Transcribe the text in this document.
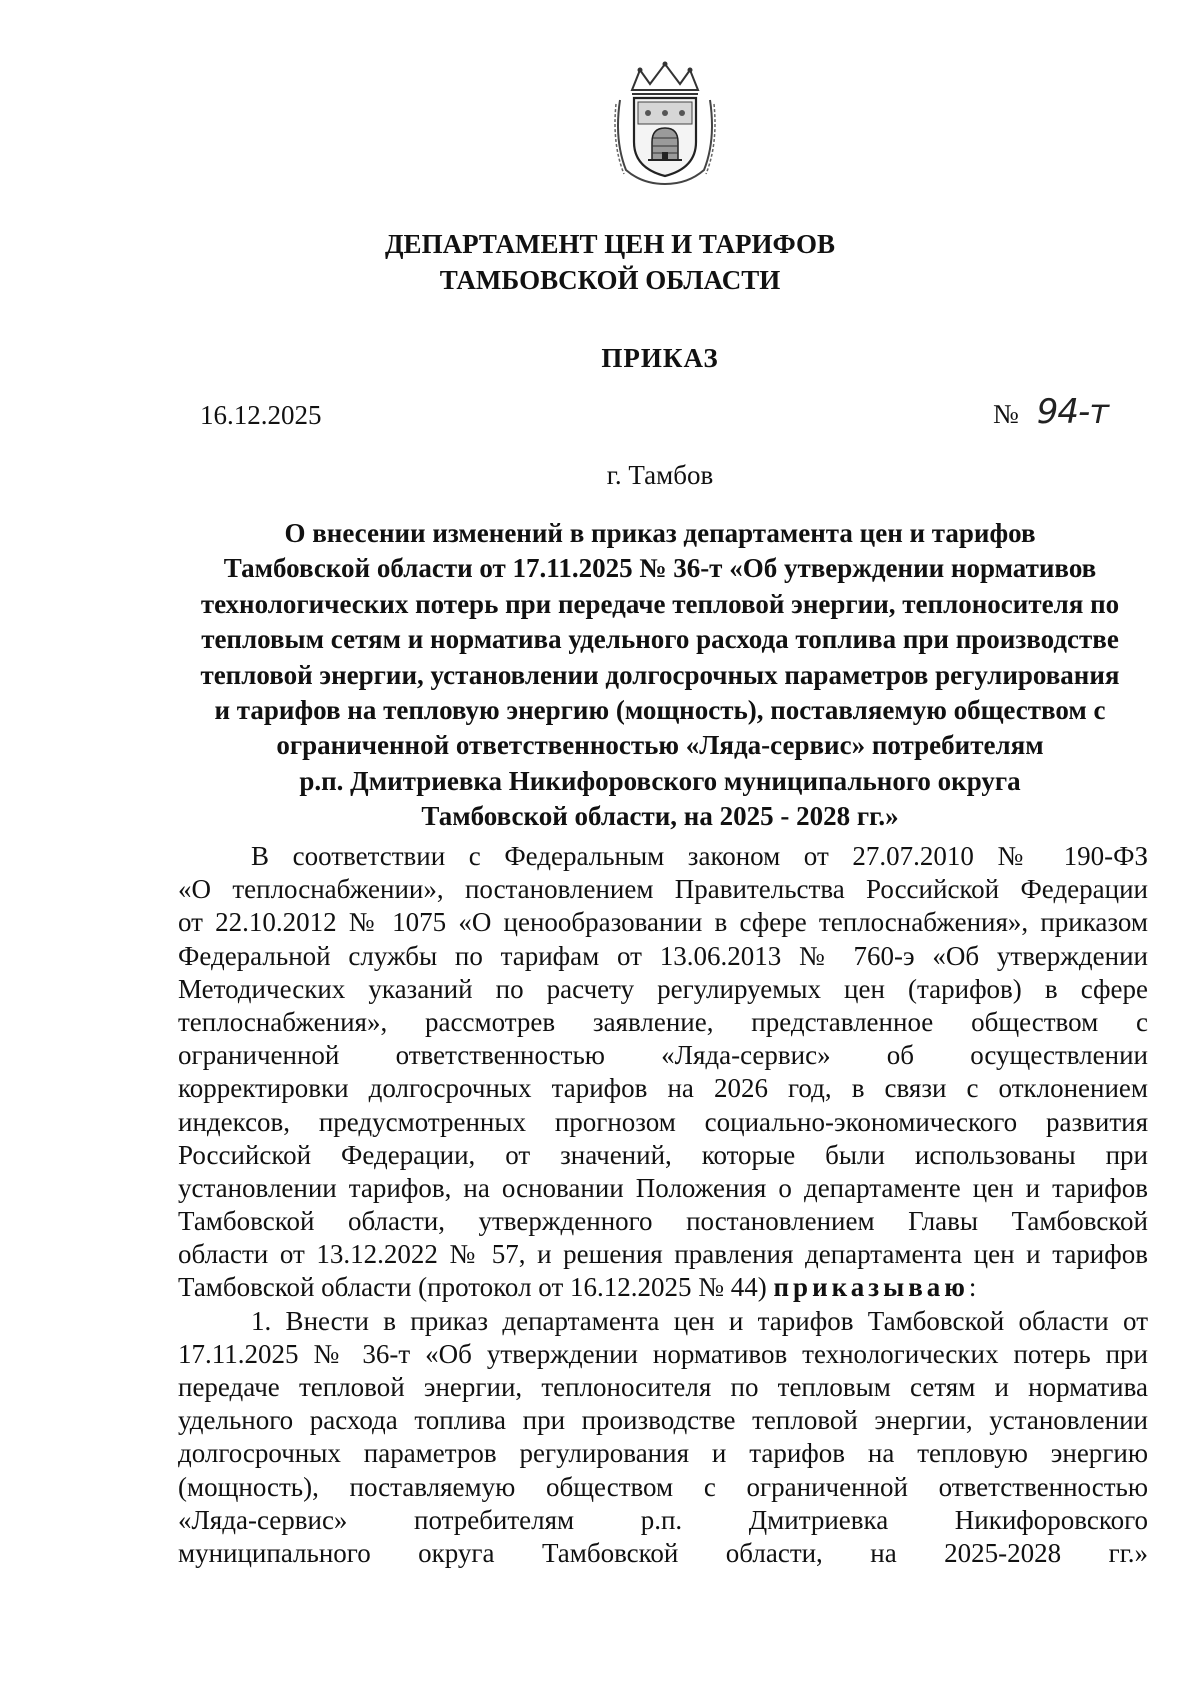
ДЕПАРТАМЕНТ ЦЕН И ТАРИФОВ
ТАМБОВСКОЙ ОБЛАСТИ
ПРИКАЗ
16.12.2025	№ 94-т
г. Тамбов
О внесении изменений в приказ департамента цен и тарифов
Тамбовской области от 17.11.2025 № 36-т «Об утверждении нормативов
технологических потерь при передаче тепловой энергии, теплоносителя по
тепловым сетям и норматива удельного расхода топлива при производстве
тепловой энергии, установлении долгосрочных параметров регулирования
и тарифов на тепловую энергию (мощность), поставляемую обществом с
ограниченной ответственностью «Ляда-сервис» потребителям
р.п. Дмитриевка Никифоровского муниципального округа
Тамбовской области, на 2025 - 2028 гг.»
В соответствии с Федеральным законом от 27.07.2010 № 190-ФЗ
«О теплоснабжении», постановлением Правительства Российской Федерации
от 22.10.2012 № 1075 «О ценообразовании в сфере теплоснабжения», приказом
Федеральной службы по тарифам от 13.06.2013 № 760-э «Об утверждении
Методических указаний по расчету регулируемых цен (тарифов) в сфере
теплоснабжения», рассмотрев заявление, представленное обществом с
ограниченной ответственностью «Ляда-сервис» об осуществлении
корректировки долгосрочных тарифов на 2026 год, в связи с отклонением
индексов, предусмотренных прогнозом социально-экономического развития
Российской Федерации, от значений, которые были использованы при
установлении тарифов, на основании Положения о департаменте цен и тарифов
Тамбовской области, утвержденного постановлением Главы Тамбовской
области от 13.12.2022 № 57, и решения правления департамента цен и тарифов
Тамбовской области (протокол от 16.12.2025 № 44) приказываю:
1. Внести в приказ департамента цен и тарифов Тамбовской области от
17.11.2025 № 36-т «Об утверждении нормативов технологических потерь при
передаче тепловой энергии, теплоносителя по тепловым сетям и норматива
удельного расхода топлива при производстве тепловой энергии, установлении
долгосрочных параметров регулирования и тарифов на тепловую энергию
(мощность), поставляемую обществом с ограниченной ответственностью
«Ляда-сервис» потребителям р.п. Дмитриевка Никифоровского
муниципального округа Тамбовской области, на 2025-2028 гг.»
